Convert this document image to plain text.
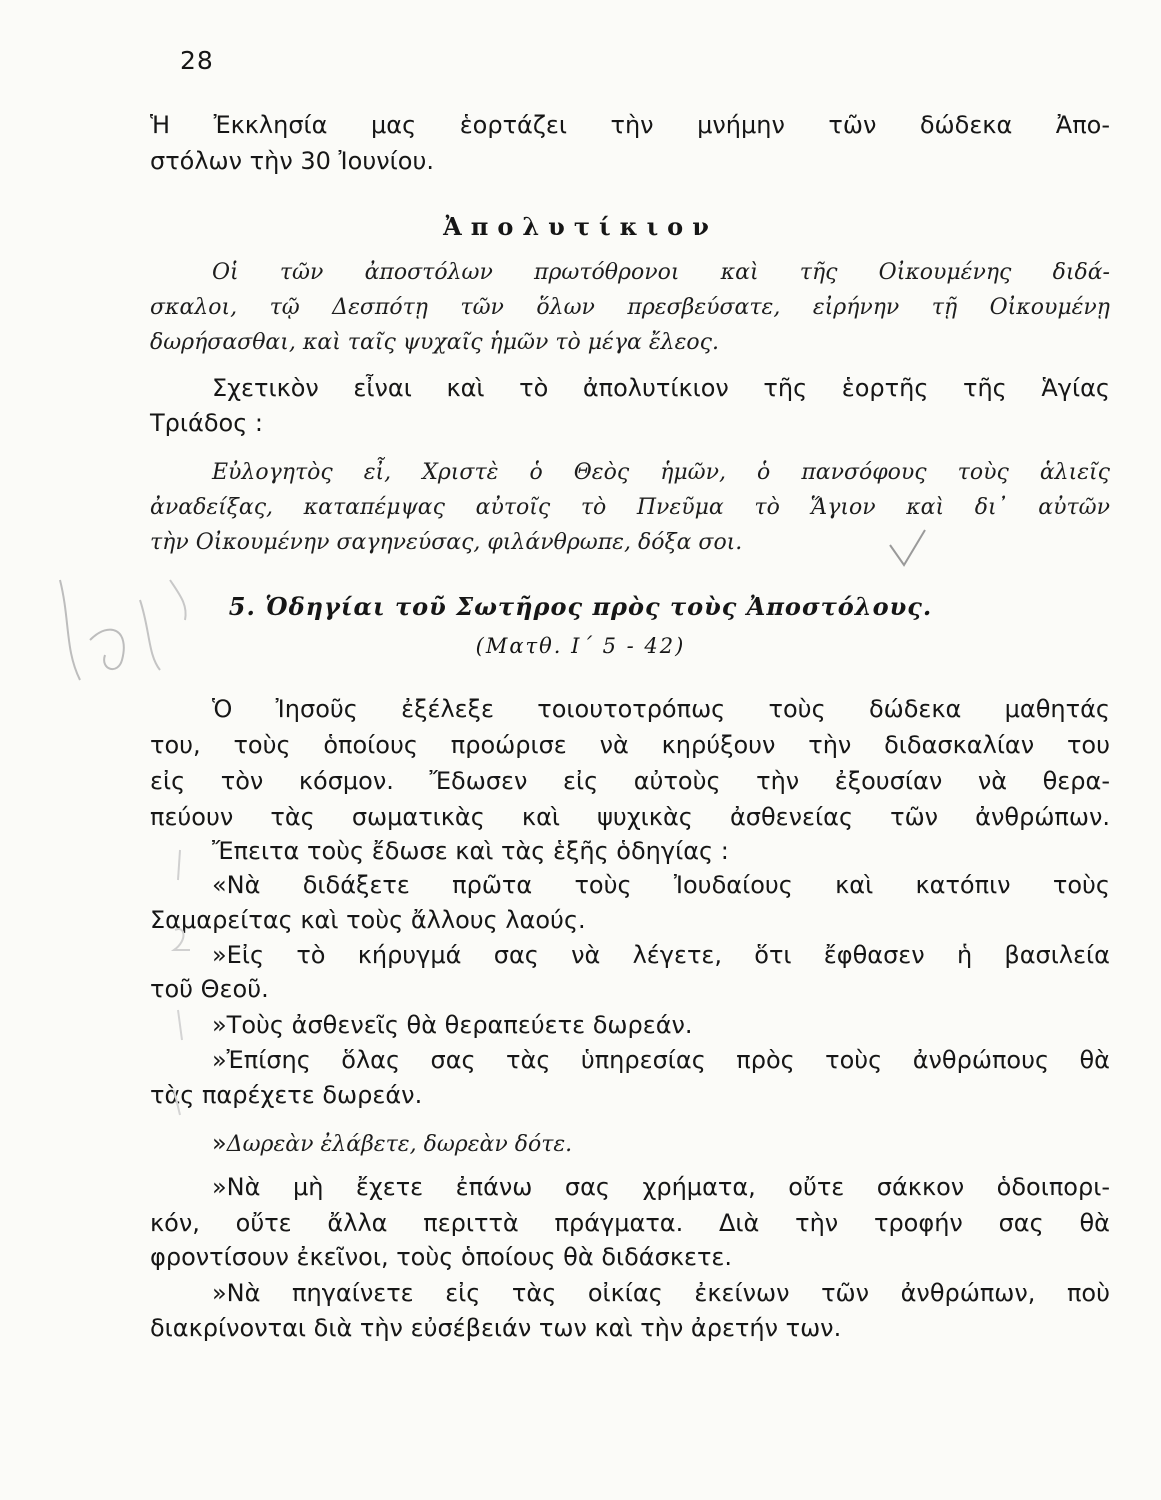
28
Ἡ Ἐκκλησία μας ἑορτάζει τὴν μνήμην τῶν δώδεκα Ἀπο-
στόλων τὴν 30 Ἰουνίου.
Ἀπολυτίκιον
Οἱ τῶν ἀποστόλων πρωτόθρονοι καὶ τῆς Οἰκουμένης διδά-
σκαλοι, τῷ Δεσπότῃ τῶν ὅλων πρεσβεύσατε, εἰρήνην τῇ Οἰκουμένῃ
δωρήσασθαι, καὶ ταῖς ψυχαῖς ἡμῶν τὸ μέγα ἔλεος.
Σχετικὸν εἶναι καὶ τὸ ἀπολυτίκιον τῆς ἑορτῆς τῆς Ἁγίας
Τριάδος :
Εὐλογητὸς εἶ, Χριστὲ ὁ Θεὸς ἡμῶν, ὁ πανσόφους τοὺς ἁλιεῖς
ἀναδείξας, καταπέμψας αὐτοῖς τὸ Πνεῦμα τὸ Ἅγιον καὶ δι᾽ αὐτῶν
τὴν Οἰκουμένην σαγηνεύσας, φιλάνθρωπε, δόξα σοι.
5. Ὁδηγίαι τοῦ Σωτῆρος πρὸς τοὺς Ἀποστόλους.
(Ματθ. Ι΄ 5 - 42)
Ὁ Ἰησοῦς ἐξέλεξε τοιουτοτρόπως τοὺς δώδεκα μαθητάς
του, τοὺς ὁποίους προώρισε νὰ κηρύξουν τὴν διδασκαλίαν του
εἰς τὸν κόσμον. Ἔδωσεν εἰς αὐτοὺς τὴν ἐξουσίαν νὰ θερα-
πεύουν τὰς σωματικὰς καὶ ψυχικὰς ἀσθενείας τῶν ἀνθρώπων.
Ἔπειτα τοὺς ἔδωσε καὶ τὰς ἑξῆς ὁδηγίας :
«Νὰ διδάξετε πρῶτα τοὺς Ἰουδαίους καὶ κατόπιν τοὺς
Σαμαρείτας καὶ τοὺς ἄλλους λαούς.
»Εἰς τὸ κήρυγμά σας νὰ λέγετε, ὅτι ἔφθασεν ἡ βασιλεία
τοῦ Θεοῦ.
»Τοὺς ἀσθενεῖς θὰ θεραπεύετε δωρεάν.
»Ἐπίσης ὅλας σας τὰς ὑπηρεσίας πρὸς τοὺς ἀνθρώπους θὰ
τὰς παρέχετε δωρεάν.
»Δωρεὰν ἐλάβετε, δωρεὰν δότε.
»Νὰ μὴ ἔχετε ἐπάνω σας χρήματα, οὔτε σάκκον ὁδοιπορι-
κόν, οὔτε ἄλλα περιττὰ πράγματα. Διὰ τὴν τροφήν σας θὰ
φροντίσουν ἐκεῖνοι, τοὺς ὁποίους θὰ διδάσκετε.
»Νὰ πηγαίνετε εἰς τὰς οἰκίας ἐκείνων τῶν ἀνθρώπων, ποὺ
διακρίνονται διὰ τὴν εὐσέβειάν των καὶ τὴν ἀρετήν των.
